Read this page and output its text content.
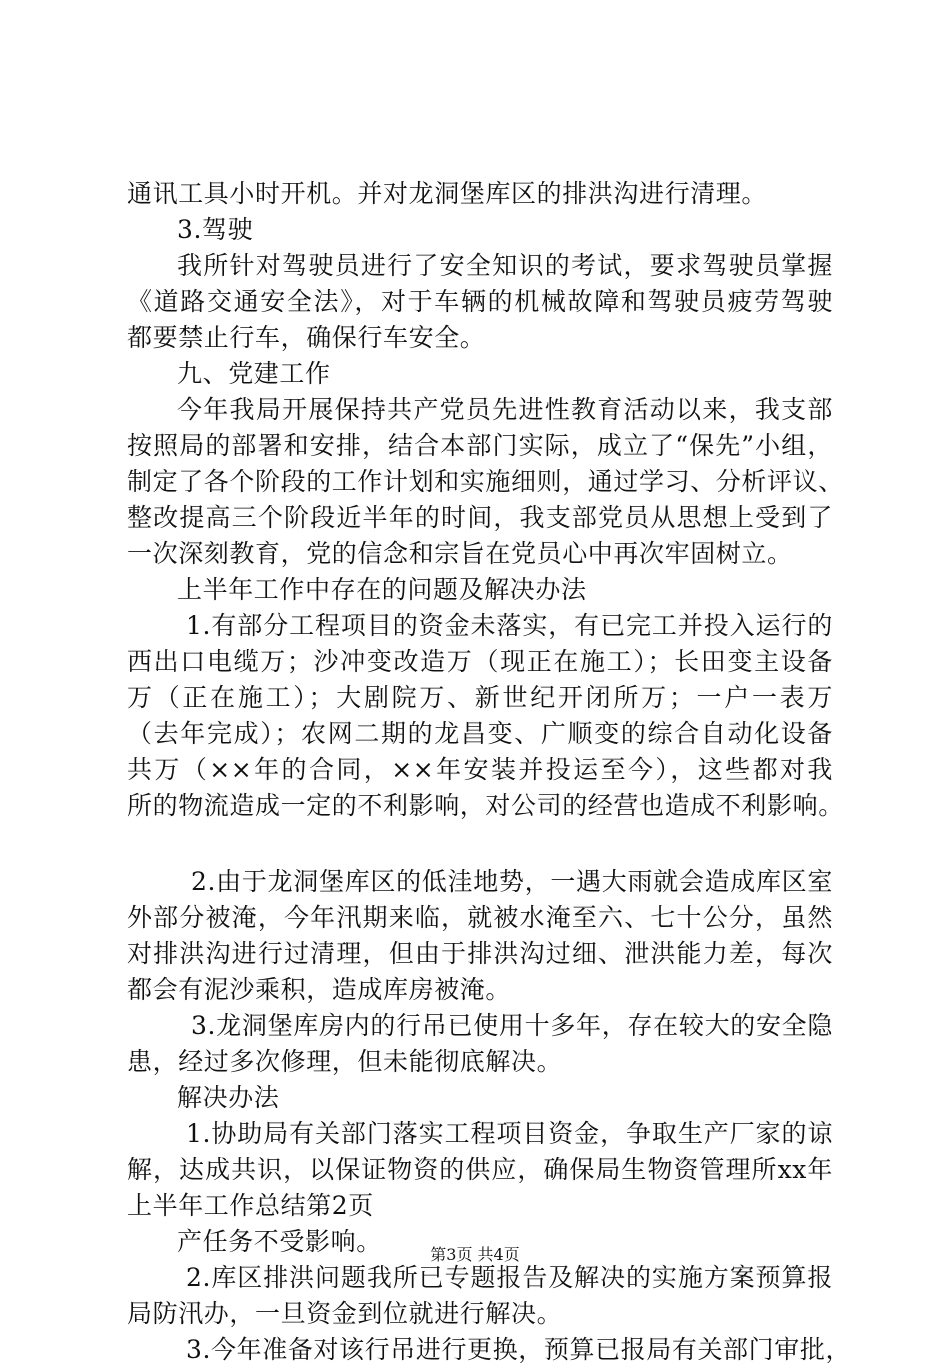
通讯工具小时开机。并对龙洞堡库区的排洪沟进行清理。
3.驾驶
我所针对驾驶员进行了安全知识的考试，要求驾驶员掌握
《道路交通安全法》，对于车辆的机械故障和驾驶员疲劳驾驶
都要禁止行车，确保行车安全。
九、党建工作
今年我局开展保持共产党员先进性教育活动以来，我支部
按照局的部署和安排，结合本部门实际，成立了“保先”小组，
制定了各个阶段的工作计划和实施细则，通过学习、分析评议、
整改提高三个阶段近半年的时间，我支部党员从思想上受到了
一次深刻教育，党的信念和宗旨在党员心中再次牢固树立。
上半年工作中存在的问题及解决办法
1.有部分工程项目的资金未落实，有已完工并投入运行的
西出口电缆万；沙冲变改造万（现正在施工）；长田变主设备
万（正在施工）；大剧院万、新世纪开闭所万；一户一表万
（去年完成）；农网二期的龙昌变、广顺变的综合自动化设备
共万（××年的合同，××年安装并投运至今），这些都对我
所的物流造成一定的不利影响，对公司的经营也造成不利影响。
2.由于龙洞堡库区的低洼地势，一遇大雨就会造成库区室
外部分被淹，今年汛期来临，就被水淹至六、七十公分，虽然
对排洪沟进行过清理，但由于排洪沟过细、泄洪能力差，每次
都会有泥沙乘积，造成库房被淹。
3.龙洞堡库房内的行吊已使用十多年，存在较大的安全隐
患，经过多次修理，但未能彻底解决。
解决办法
1.协助局有关部门落实工程项目资金，争取生产厂家的谅
解，达成共识，以保证物资的供应，确保局生物资管理所xx年
上半年工作总结第2页
产任务不受影响。
2.库区排洪问题我所已专题报告及解决的实施方案预算报
局防汛办，一旦资金到位就进行解决。
3.今年准备对该行吊进行更换，预算已报局有关部门审批，
第3页 共4页
